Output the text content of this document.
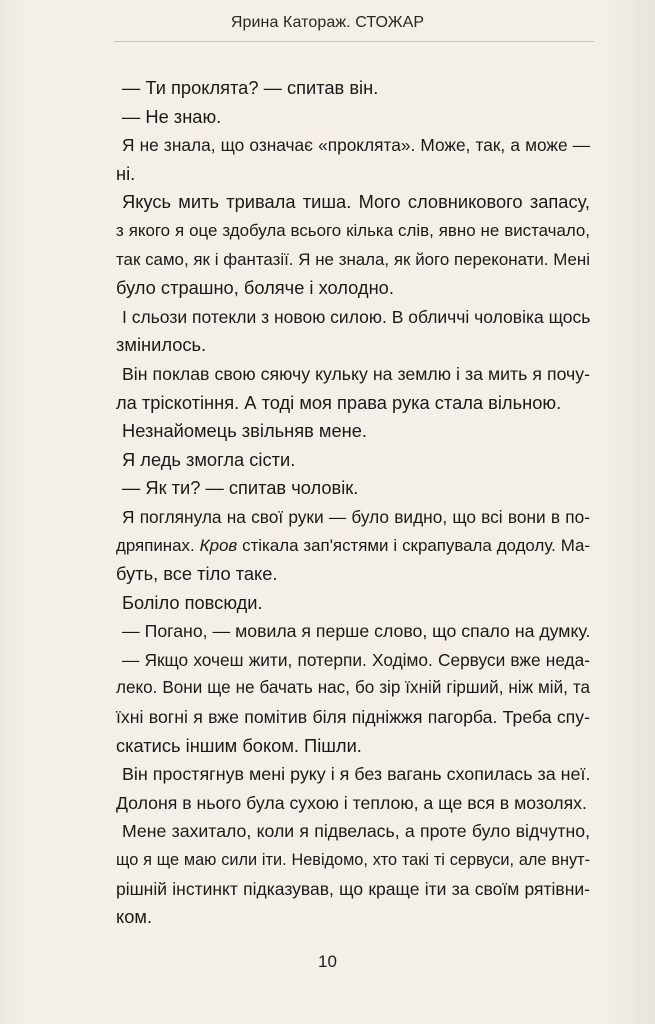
Ярина Катораж. СТОЖАР
— Ти проклята? — спитав він.
— Не знаю.
Я не знала, що означає «проклята». Може, так, а може —
ні.
Якусь мить тривала тиша. Мого словникового запасу,
з якого я оце здобула всього кілька слів, явно не вистачало,
так само, як і фантазії. Я не знала, як його переконати. Мені
було страшно, боляче і холодно.
І сльози потекли з новою силою. В обличчі чоловіка щось
змінилось.
Він поклав свою сяючу кульку на землю і за мить я почу-
ла тріскотіння. А тоді моя права рука стала вільною.
Незнайомець звільняв мене.
Я ледь змогла сісти.
— Як ти? — спитав чоловік.
Я поглянула на свої руки — було видно, що всі вони в по-
дряпинах. Кров стікала зап'ястями і скрапувала додолу. Ма-
буть, все тіло таке.
Боліло повсюди.
— Погано, — мовила я перше слово, що спало на думку.
— Якщо хочеш жити, потерпи. Ходімо. Сервуси вже неда-
леко. Вони ще не бачать нас, бо зір їхній гірший, ніж мій, та
їхні вогні я вже помітив біля підніжжя пагорба. Треба спу-
скатись іншим боком. Пішли.
Він простягнув мені руку і я без вагань схопилась за неї.
Долоня в нього була сухою і теплою, а ще вся в мозолях.
Мене захитало, коли я підвелась, а проте було відчутно,
що я ще маю сили іти. Невідомо, хто такі ті сервуси, але внут-
рішній інстинкт підказував, що краще іти за своїм рятівни-
ком.
10
